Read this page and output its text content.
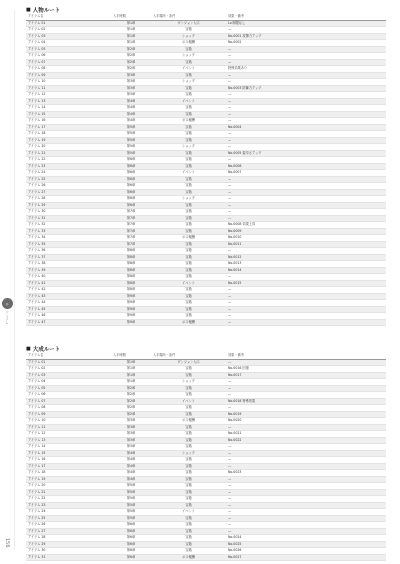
◎
アイテム
■ 人物ルート
アイテム名	入手時期	入手場所・条件	効果・備考
アイテム 01	第1章	ダンジョン入口	Lv.制限なし
アイテム 02	第1章	宝箱	—
アイテム 03	第1章	ショップ	No.0001 攻撃力アップ
アイテム 04	第1章	ボス報酬	No.0002
アイテム 05	第2章	宝箱	—
アイテム 06	第2章	ショップ	—
アイテム 07	第2章	宝箱	—
アイテム 08	第2章	イベント	特殊効果あり
アイテム 09	第3章	宝箱	—
アイテム 10	第3章	ショップ	—
アイテム 11	第3章	宝箱	No.0003 防御力アップ
アイテム 12	第3章	宝箱	—
アイテム 13	第4章	イベント	—
アイテム 14	第4章	宝箱	—
アイテム 15	第4章	宝箱	—
アイテム 16	第4章	ボス報酬	—
アイテム 17	第5章	宝箱	No.0004
アイテム 18	第5章	宝箱	—
アイテム 19	第5章	宝箱	—
アイテム 20	第5章	ショップ	—
アイテム 21	第5章	宝箱	No.0005 素早さアップ
アイテム 22	第6章	宝箱	—
アイテム 23	第6章	宝箱	No.0006
アイテム 24	第6章	イベント	No.0007
アイテム 25	第6章	宝箱	—
アイテム 26	第6章	宝箱	—
アイテム 27	第6章	宝箱	—
アイテム 28	第6章	ショップ	—
アイテム 29	第6章	宝箱	—
アイテム 30	第7章	宝箱	—
アイテム 31	第7章	宝箱	—
アイテム 32	第7章	宝箱	No.0008 効果上昇
アイテム 33	第7章	宝箱	No.0009
アイテム 34	第7章	ボス報酬	No.0010
アイテム 35	第7章	宝箱	No.0011
アイテム 36	第8章	宝箱	—
アイテム 37	第8章	宝箱	No.0012
アイテム 38	第8章	宝箱	No.0013
アイテム 39	第8章	宝箱	No.0014
アイテム 40	第8章	宝箱	—
アイテム 41	第8章	イベント	No.0015
アイテム 42	第8章	宝箱	—
アイテム 43	第9章	宝箱	—
アイテム 44	第9章	宝箱	—
アイテム 45	第9章	宝箱	—
アイテム 46	第9章	宝箱	—
アイテム 47	第9章	ボス報酬	—
■ 大成ルート
アイテム名	入手時期	入手場所・条件	効果・備考
アイテム 01	第1章	ダンジョン入口	—
アイテム 02	第1章	宝箱	No.0016 回復
アイテム 03	第1章	宝箱	No.0017
アイテム 04	第1章	ショップ	—
アイテム 05	第2章	宝箱	—
アイテム 06	第2章	宝箱	—
アイテム 07	第2章	イベント	No.0018 特殊効果
アイテム 08	第2章	宝箱	—
アイテム 09	第2章	宝箱	No.0019
アイテム 10	第3章	ボス報酬	No.0020
アイテム 11	第3章	宝箱	—
アイテム 12	第3章	宝箱	No.0021
アイテム 13	第3章	宝箱	No.0022
アイテム 14	第3章	宝箱	—
アイテム 15	第4章	ショップ	—
アイテム 16	第4章	宝箱	—
アイテム 17	第4章	宝箱	—
アイテム 18	第4章	宝箱	No.0023
アイテム 19	第4章	宝箱	—
アイテム 20	第5章	宝箱	—
アイテム 21	第5章	宝箱	—
アイテム 22	第5章	宝箱	—
アイテム 23	第5章	宝箱	—
アイテム 24	第5章	イベント	—
アイテム 25	第5章	宝箱	—
アイテム 26	第6章	宝箱	—
アイテム 27	第6章	宝箱	—
アイテム 28	第6章	宝箱	No.0024
アイテム 29	第6章	宝箱	No.0025
アイテム 30	第6章	宝箱	No.0026
アイテム 31	第6章	ボス報酬	No.0027
156
